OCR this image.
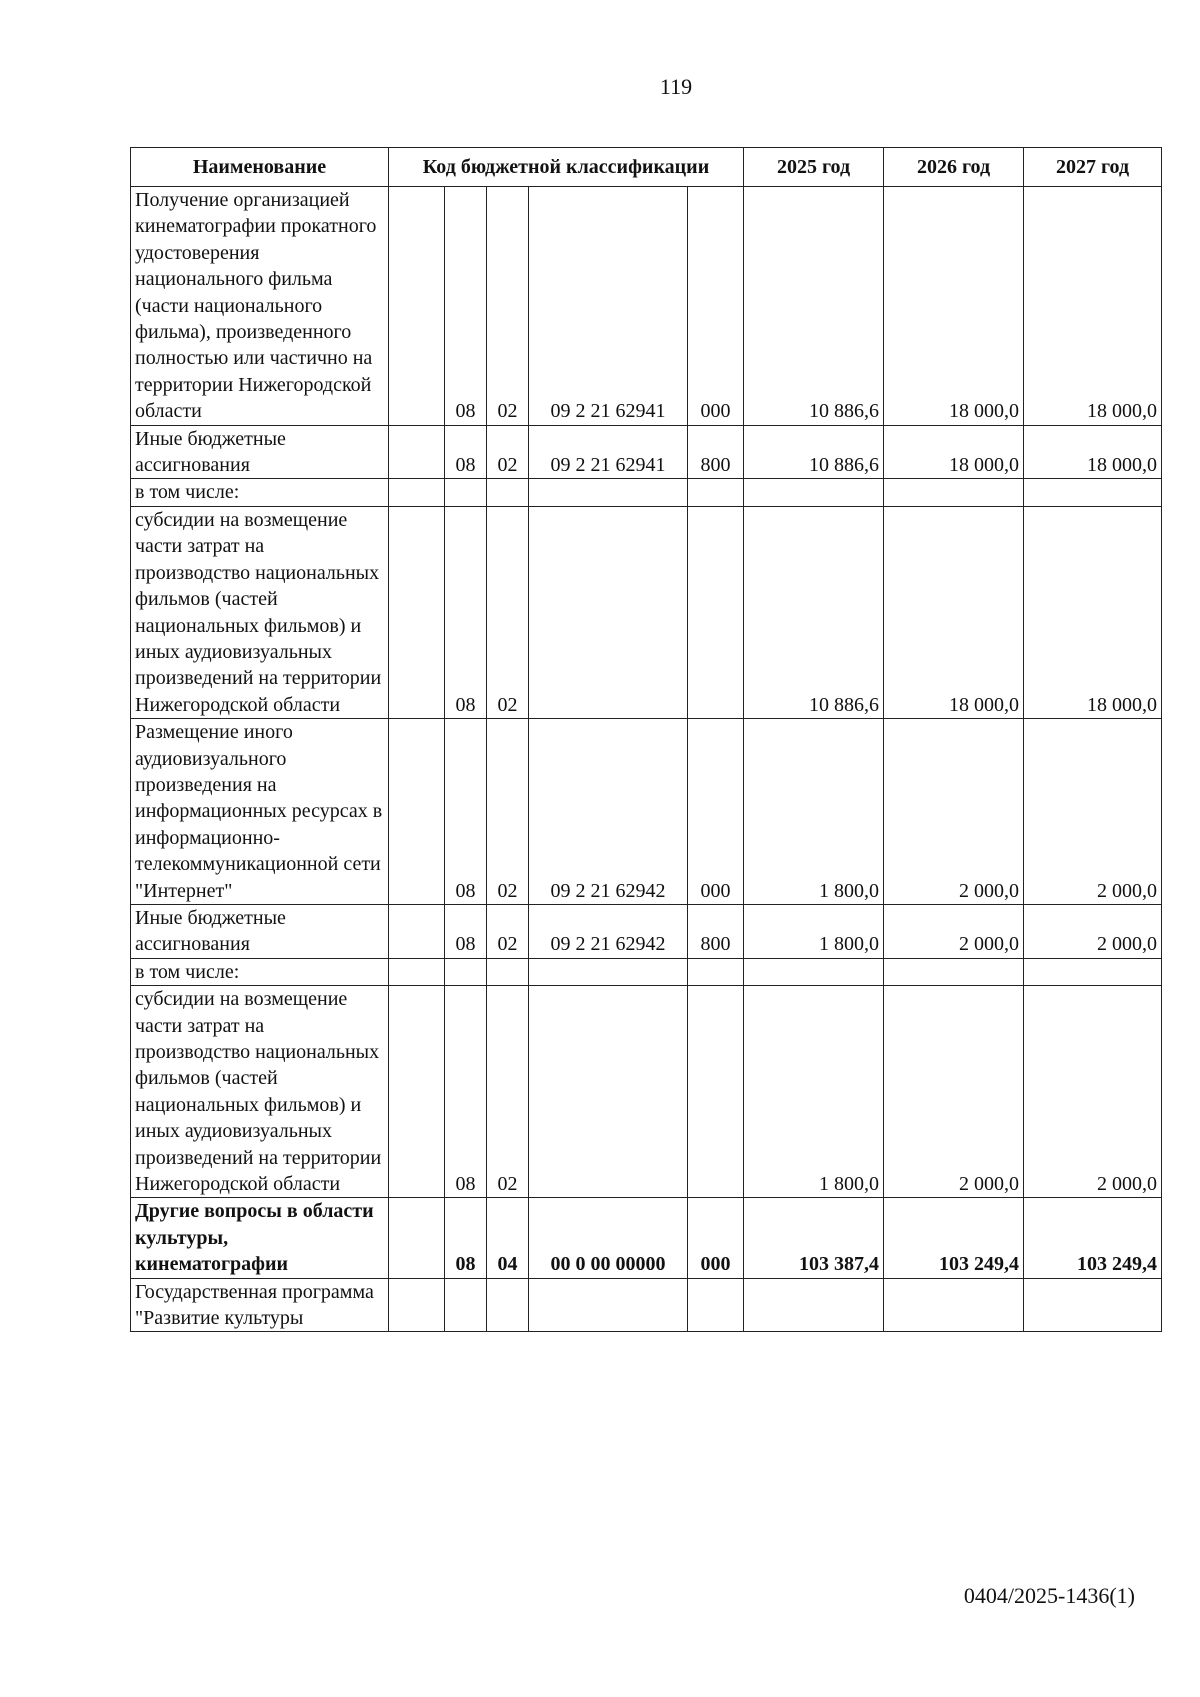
119
Наименование	Код бюджетной классификации					2025 год	2026 год	2027 год
Получение организацией кинематографии прокатного удостоверения национального фильма (части национального фильма), произведенного полностью или частично на территории Нижегородской области		08	02	09 2 21 62941	000	10 886,6	18 000,0	18 000,0
Иные бюджетные ассигнования		08	02	09 2 21 62941	800	10 886,6	18 000,0	18 000,0
в том числе:								
субсидии на возмещение части затрат на производство национальных фильмов (частей национальных фильмов) и иных аудиовизуальных произведений на территории Нижегородской области		08	02			10 886,6	18 000,0	18 000,0
Размещение иного аудиовизуального произведения на информационных ресурсах в информационно-телекоммуникационной сети "Интернет"		08	02	09 2 21 62942	000	1 800,0	2 000,0	2 000,0
Иные бюджетные ассигнования		08	02	09 2 21 62942	800	1 800,0	2 000,0	2 000,0
в том числе:								
субсидии на возмещение части затрат на производство национальных фильмов (частей национальных фильмов) и иных аудиовизуальных произведений на территории Нижегородской области		08	02			1 800,0	2 000,0	2 000,0
Другие вопросы в области культуры, кинематографии		08	04	00 0 00 00000	000	103 387,4	103 249,4	103 249,4
Государственная программа "Развитие культуры								
0404/2025-1436(1)
